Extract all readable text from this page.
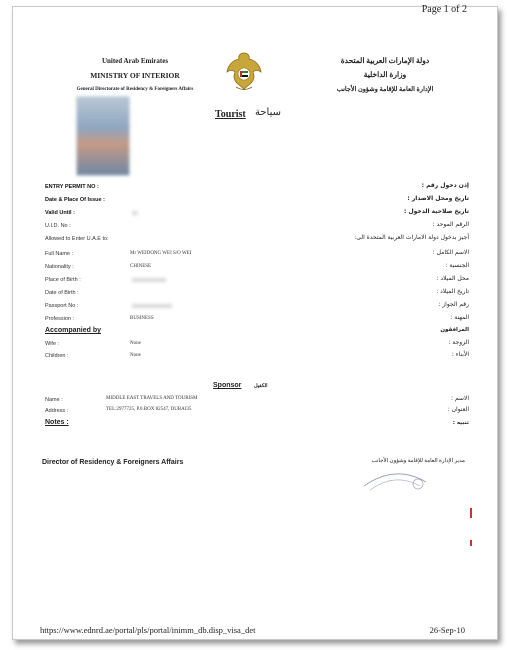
Page 1 of 2
United Arab Emirates
MINISTRY OF INTERIOR
General Directorate of Residency & Foreigners Affairs
دولة الإمارات العربية المتحدة
وزارة الداخلية
الإدارة العامة للإقامة وشؤون الأجانب
Tourist سياحة
ENTRY PERMIT NO :	إذن دخول رقم :
Date & Place Of Issue :	تاريخ ومحل الاصدار :
Valid Until :	تاريخ صلاحية الدخول :
U.I.D. No :	الرقم الموحد :
Allowed to Enter U.A.E to:	أجيز بدخول دولة الامارات العربية المتحدة الى:
Full Name :	Mr WEIDONG WEI S/O WEI	الاسم الكامل :
Nationality :	CHINESE	الجنسية :
Place of Birth :	محل الميلاد :
Date of Birth :	تاريخ الميلاد :
Passport No :	رقم الجواز :
Profession :	BUSINESS	المهنة :
Accompanied by	المرافقون
Wife :	None	الزوجة :
Children :	None	الأبناء :
Sponsor	الكفيل
Name :	MIDDLE EAST TRAVELS AND TOURISM	الاسم :
Address :	TEL:2977725, P.0.BOX 82547, DUBAI35	العنوان :
Notes :	تنبيه :
Director of Residency & Foreigners Affairs	مدير الإدارة العامة للإقامة وشؤون الأجانب
https://www.ednrd.ae/portal/pls/portal/inimm_db.disp_visa_det	26-Sep-10
